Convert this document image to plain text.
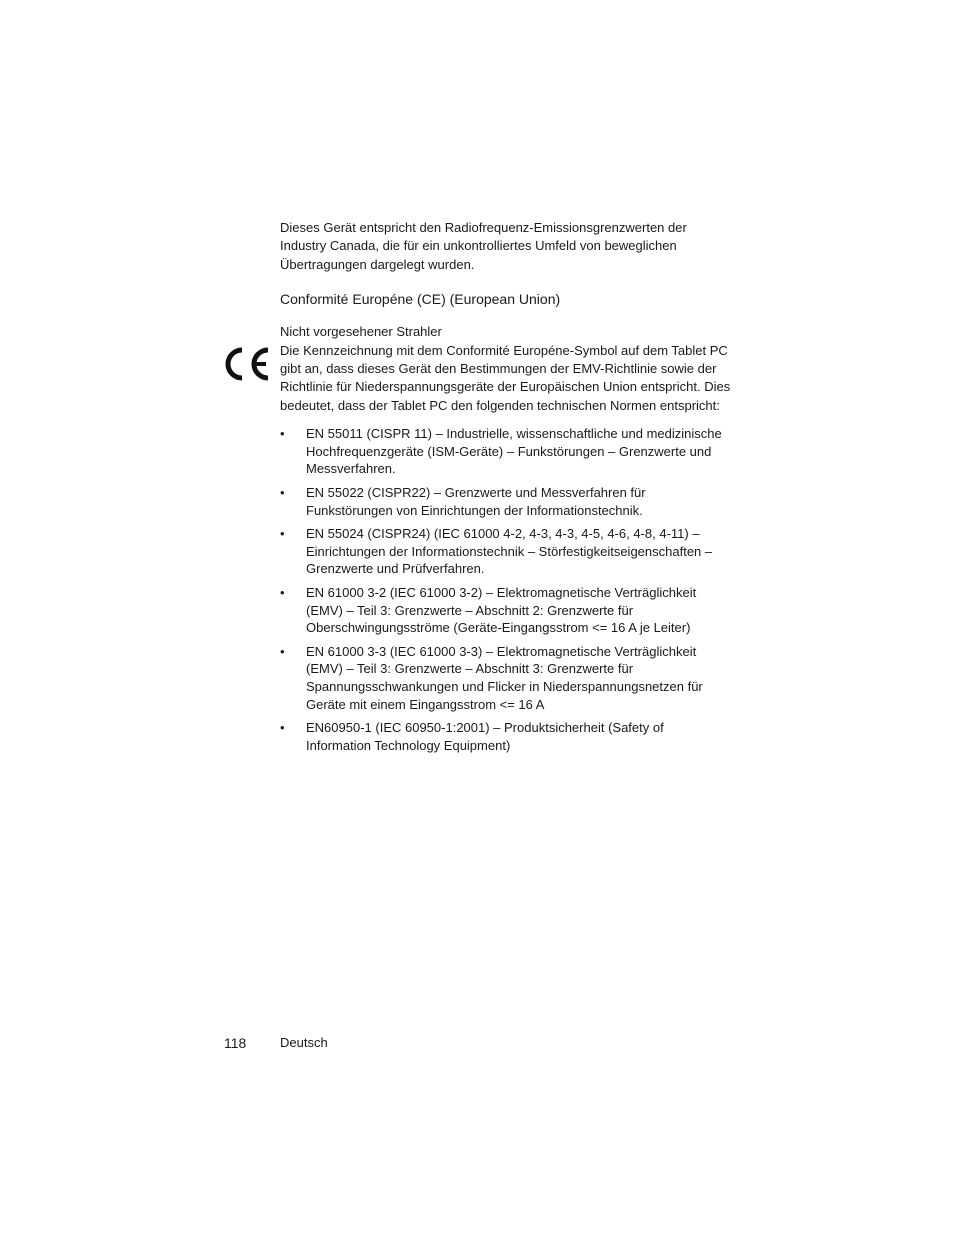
Dieses Gerät entspricht den Radiofrequenz-Emissionsgrenzwerten der Industry Canada, die für ein unkontrolliertes Umfeld von beweglichen Übertragungen dargelegt wurden.

Conformité Européne (CE) (European Union)

Nicht vorgesehener Strahler

Die Kennzeichnung mit dem Conformité Européne-Symbol auf dem Tablet PC gibt an, dass dieses Gerät den Bestimmungen der EMV-Richtlinie sowie der Richtlinie für Niederspannungsgeräte der Europäischen Union entspricht. Dies bedeutet, dass der Tablet PC den folgenden technischen Normen entspricht:

• EN 55011 (CISPR 11) – Industrielle, wissenschaftliche und medizinische Hochfrequenzgeräte (ISM-Geräte) – Funkstörungen – Grenzwerte und Messverfahren.
• EN 55022 (CISPR22) – Grenzwerte und Messverfahren für Funkstörungen von Einrichtungen der Informationstechnik.
• EN 55024 (CISPR24) (IEC 61000 4-2, 4-3, 4-3, 4-5, 4-6, 4-8, 4-11) – Einrichtungen der Informationstechnik – Störfestigkeitseigenschaften – Grenzwerte und Prüfverfahren.
• EN 61000 3-2 (IEC 61000 3-2) – Elektromagnetische Verträglichkeit (EMV) – Teil 3: Grenzwerte – Abschnitt 2: Grenzwerte für Oberschwingungsströme (Geräte-Eingangsstrom <= 16 A je Leiter)
• EN 61000 3-3 (IEC 61000 3-3) – Elektromagnetische Verträglichkeit (EMV) – Teil 3: Grenzwerte – Abschnitt 3: Grenzwerte für Spannungsschwankungen und Flicker in Niederspannungsnetzen für Geräte mit einem Eingangsstrom <= 16 A
• EN60950-1 (IEC 60950-1:2001) – Produktsicherheit (Safety of Information Technology Equipment)
118	Deutsch
